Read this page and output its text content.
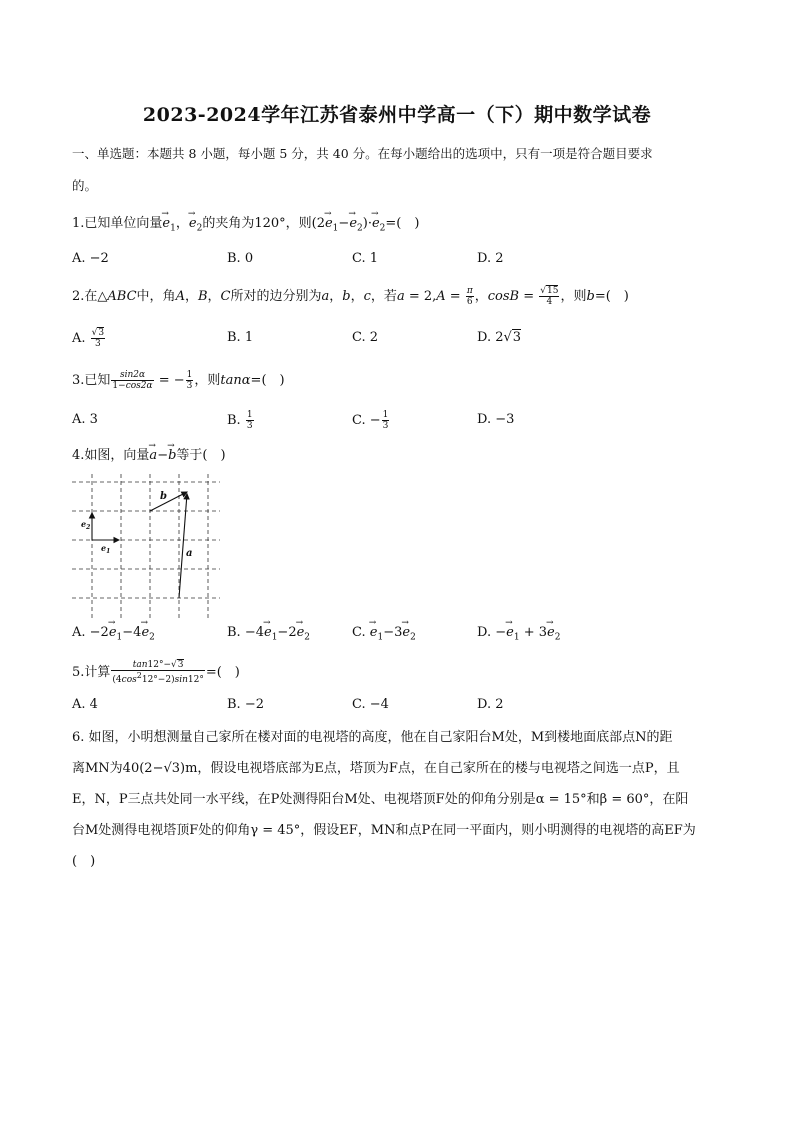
2023-2024学年江苏省泰州中学高一（下）期中数学试卷
一、单选题：本题共 8 小题，每小题 5 分，共 40 分。在每小题给出的选项中，只有一项是符合题目要求
的。
1.已知单位向量→ $e_1$，→ $e_2$的夹角为120°，则$(2\to e_1-\to e_2)\cdot\to e_2=$(　)
A. −2	B. 0	C. 1	D. 2
2.在△ABC中，角A，B，C所对的边分别为a，b，c，若$a = 2,A = \frac{\pi}{6}$ ，$\cos B = \frac{√15}{4}$ ，则b=(　)
A. $\frac{√3}{3}$	B. 1	C. 2	D. 2√3
3.已知 $\frac{\sin 2\alpha}{1-\cos 2\alpha}$ = − $\frac{1}{3}$ ，则tanα=(　)
A. 3	B. $\frac{1}{3}$	C. − $\frac{1}{3}$	D. −3
4.如图，向量→ a−→ b等于(　)
b
a
$e_1$
$e_2$
A. $-2\to e_1-4\to e_2$	B. $-4\to e_1-2\to e_2$	C. → $e_1-3\to e_2$	D. −→ $e_1 + 3\to e_2$
5.计算 $\frac{\tan 12^\circ-√3}{(4\cos^212^\circ-2)\sin 12^\circ}$ =(　)
A. 4	B. −2	C. −4	D. 2
6. 如图，小明想测量自己家所在楼对面的电视塔的高度，他在自己家阳台M处，M到楼地面底部点N的距
离MN为40(2−√3)m，假设电视塔底部为E点，塔顶为F点，在自己家所在的楼与电视塔之间选一点P，且
E，N，P三点共处同一水平线，在P处测得阳台M处、电视塔顶F处的仰角分别是α = 15°和β = 60°，在阳
台M处测得电视塔顶F处的仰角γ = 45°，假设EF，MN和点P在同一平面内，则小明测得的电视塔的高EF为
(　)
